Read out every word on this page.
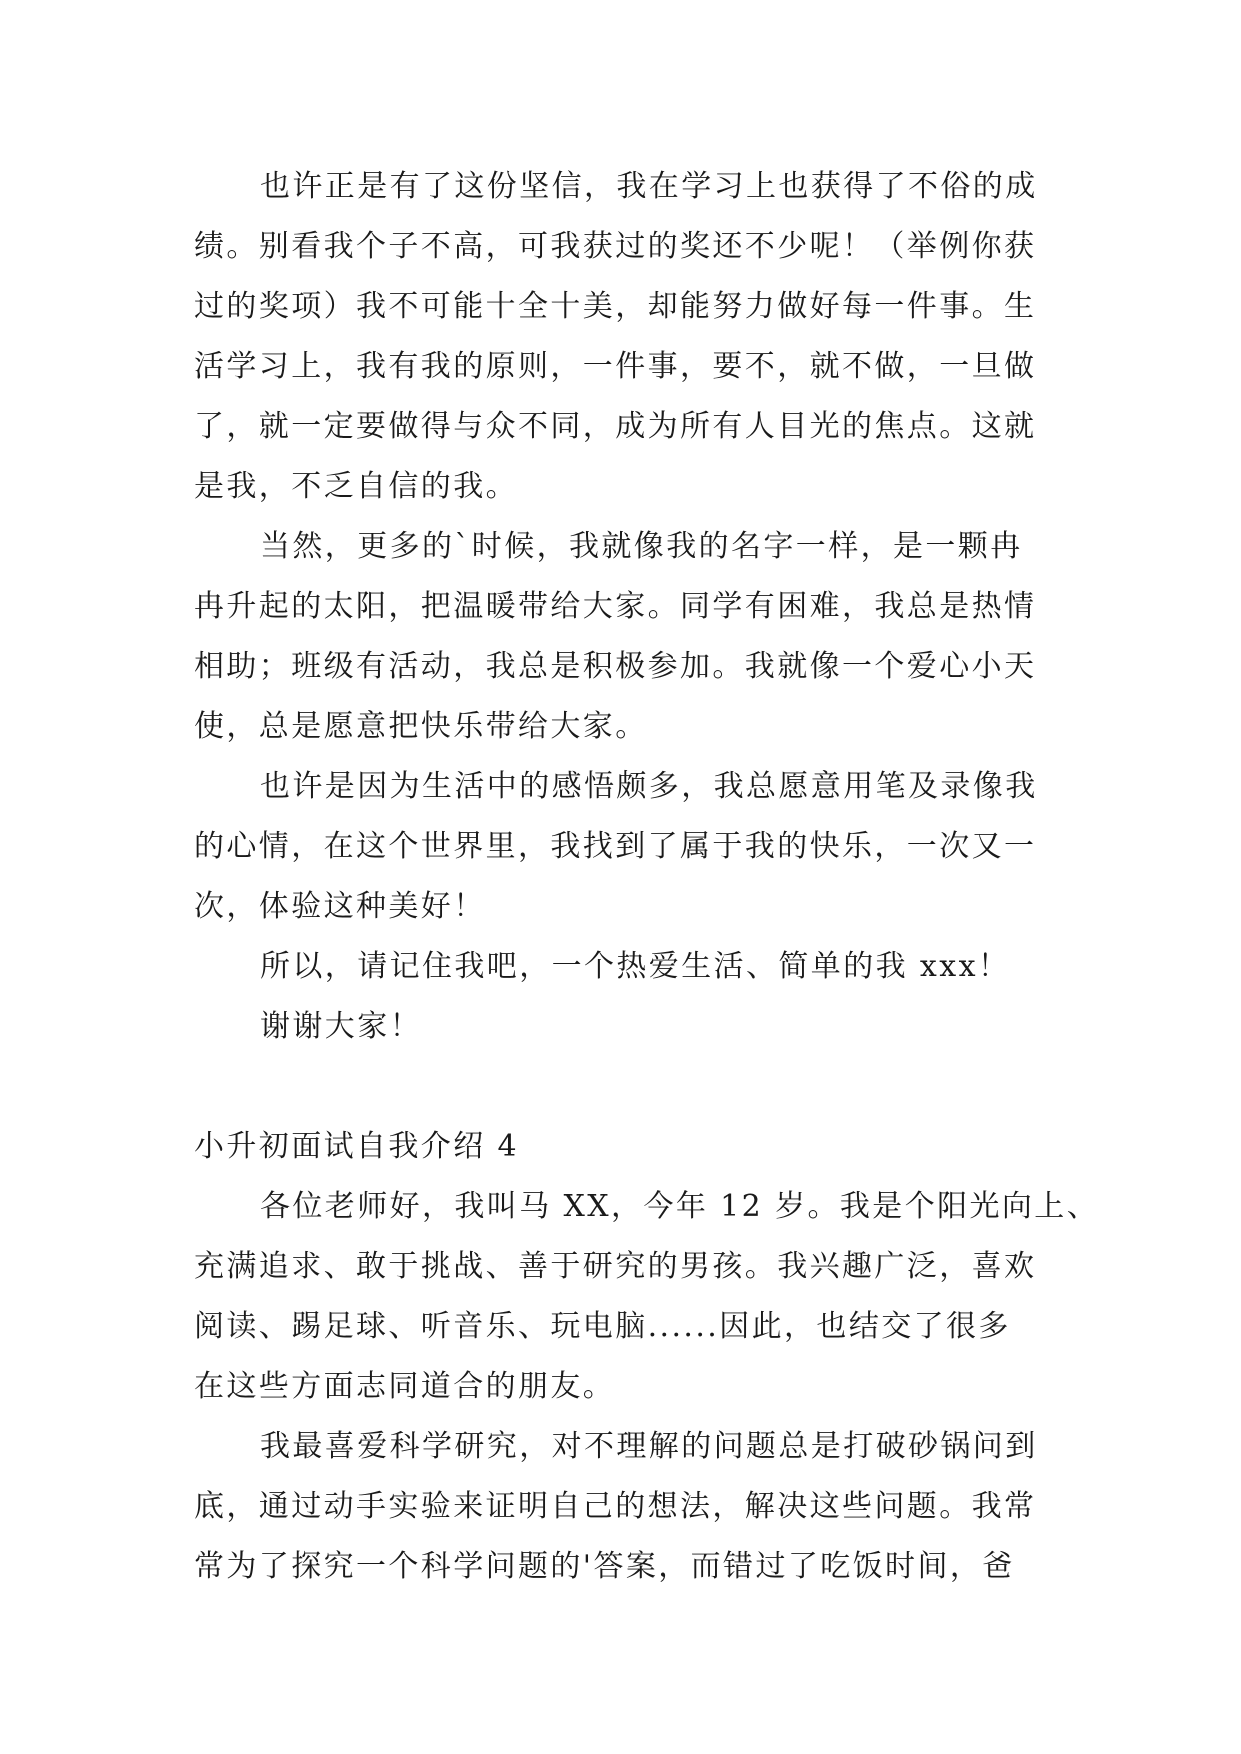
也许正是有了这份坚信，我在学习上也获得了不俗的成
绩。别看我个子不高，可我获过的奖还不少呢！（举例你获
过的奖项）我不可能十全十美，却能努力做好每一件事。生
活学习上，我有我的原则，一件事，要不，就不做，一旦做
了，就一定要做得与众不同，成为所有人目光的焦点。这就
是我，不乏自信的我。
当然，更多的`时候，我就像我的名字一样，是一颗冉
冉升起的太阳，把温暖带给大家。同学有困难，我总是热情
相助；班级有活动，我总是积极参加。我就像一个爱心小天
使，总是愿意把快乐带给大家。
也许是因为生活中的感悟颇多，我总愿意用笔及录像我
的心情，在这个世界里，我找到了属于我的快乐，一次又一
次，体验这种美好！
所以，请记住我吧，一个热爱生活、简单的我 xxx！
谢谢大家！
小升初面试自我介绍 4
各位老师好，我叫马 XX，今年 12 岁。我是个阳光向上、
充满追求、敢于挑战、善于研究的男孩。我兴趣广泛，喜欢
阅读、踢足球、听音乐、玩电脑......因此，也结交了很多
在这些方面志同道合的朋友。
我最喜爱科学研究，对不理解的问题总是打破砂锅问到
底，通过动手实验来证明自己的想法，解决这些问题。我常
常为了探究一个科学问题的'答案，而错过了吃饭时间，爸
